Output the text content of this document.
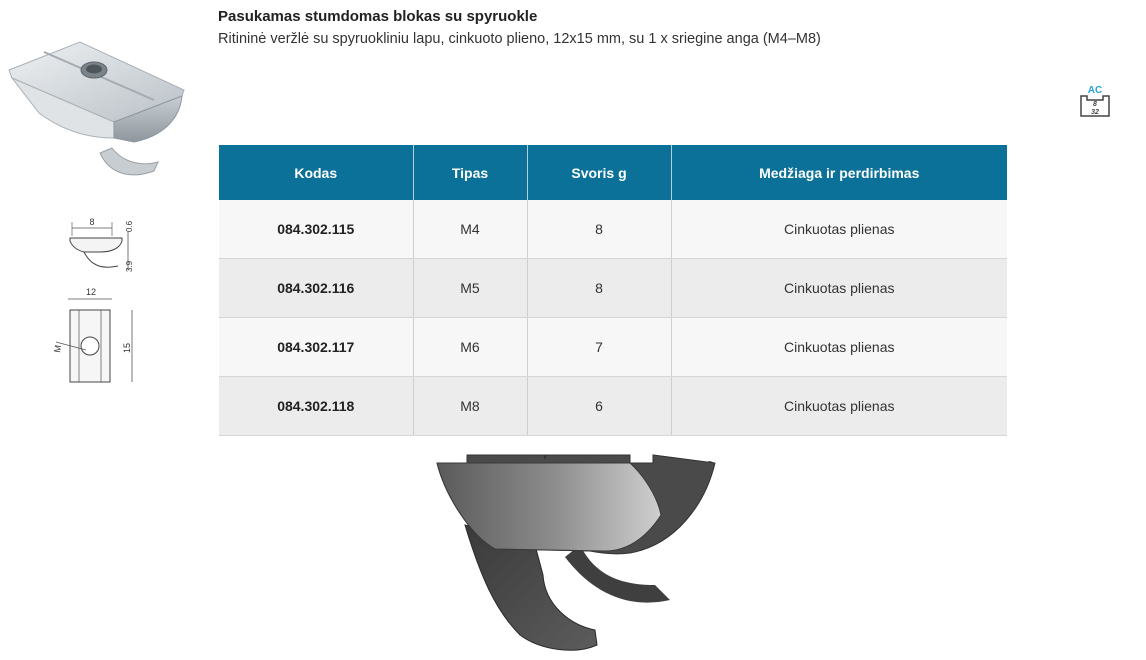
8	0.6
3.9
12
M	15
Pasukamas stumdomas blokas su spyruokle
Ritininė veržlė su spyruokliniu lapu, cinkuoto plieno, 12x15 mm, su 1 x sriegine anga (M4–M8)
AC
8
32
Kodas	Tipas	Svoris g	Medžiaga ir perdirbimas
084.302.115	M4	8	Cinkuotas plienas
084.302.116	M5	8	Cinkuotas plienas
084.302.117	M6	7	Cinkuotas plienas
084.302.118	M8	6	Cinkuotas plienas
